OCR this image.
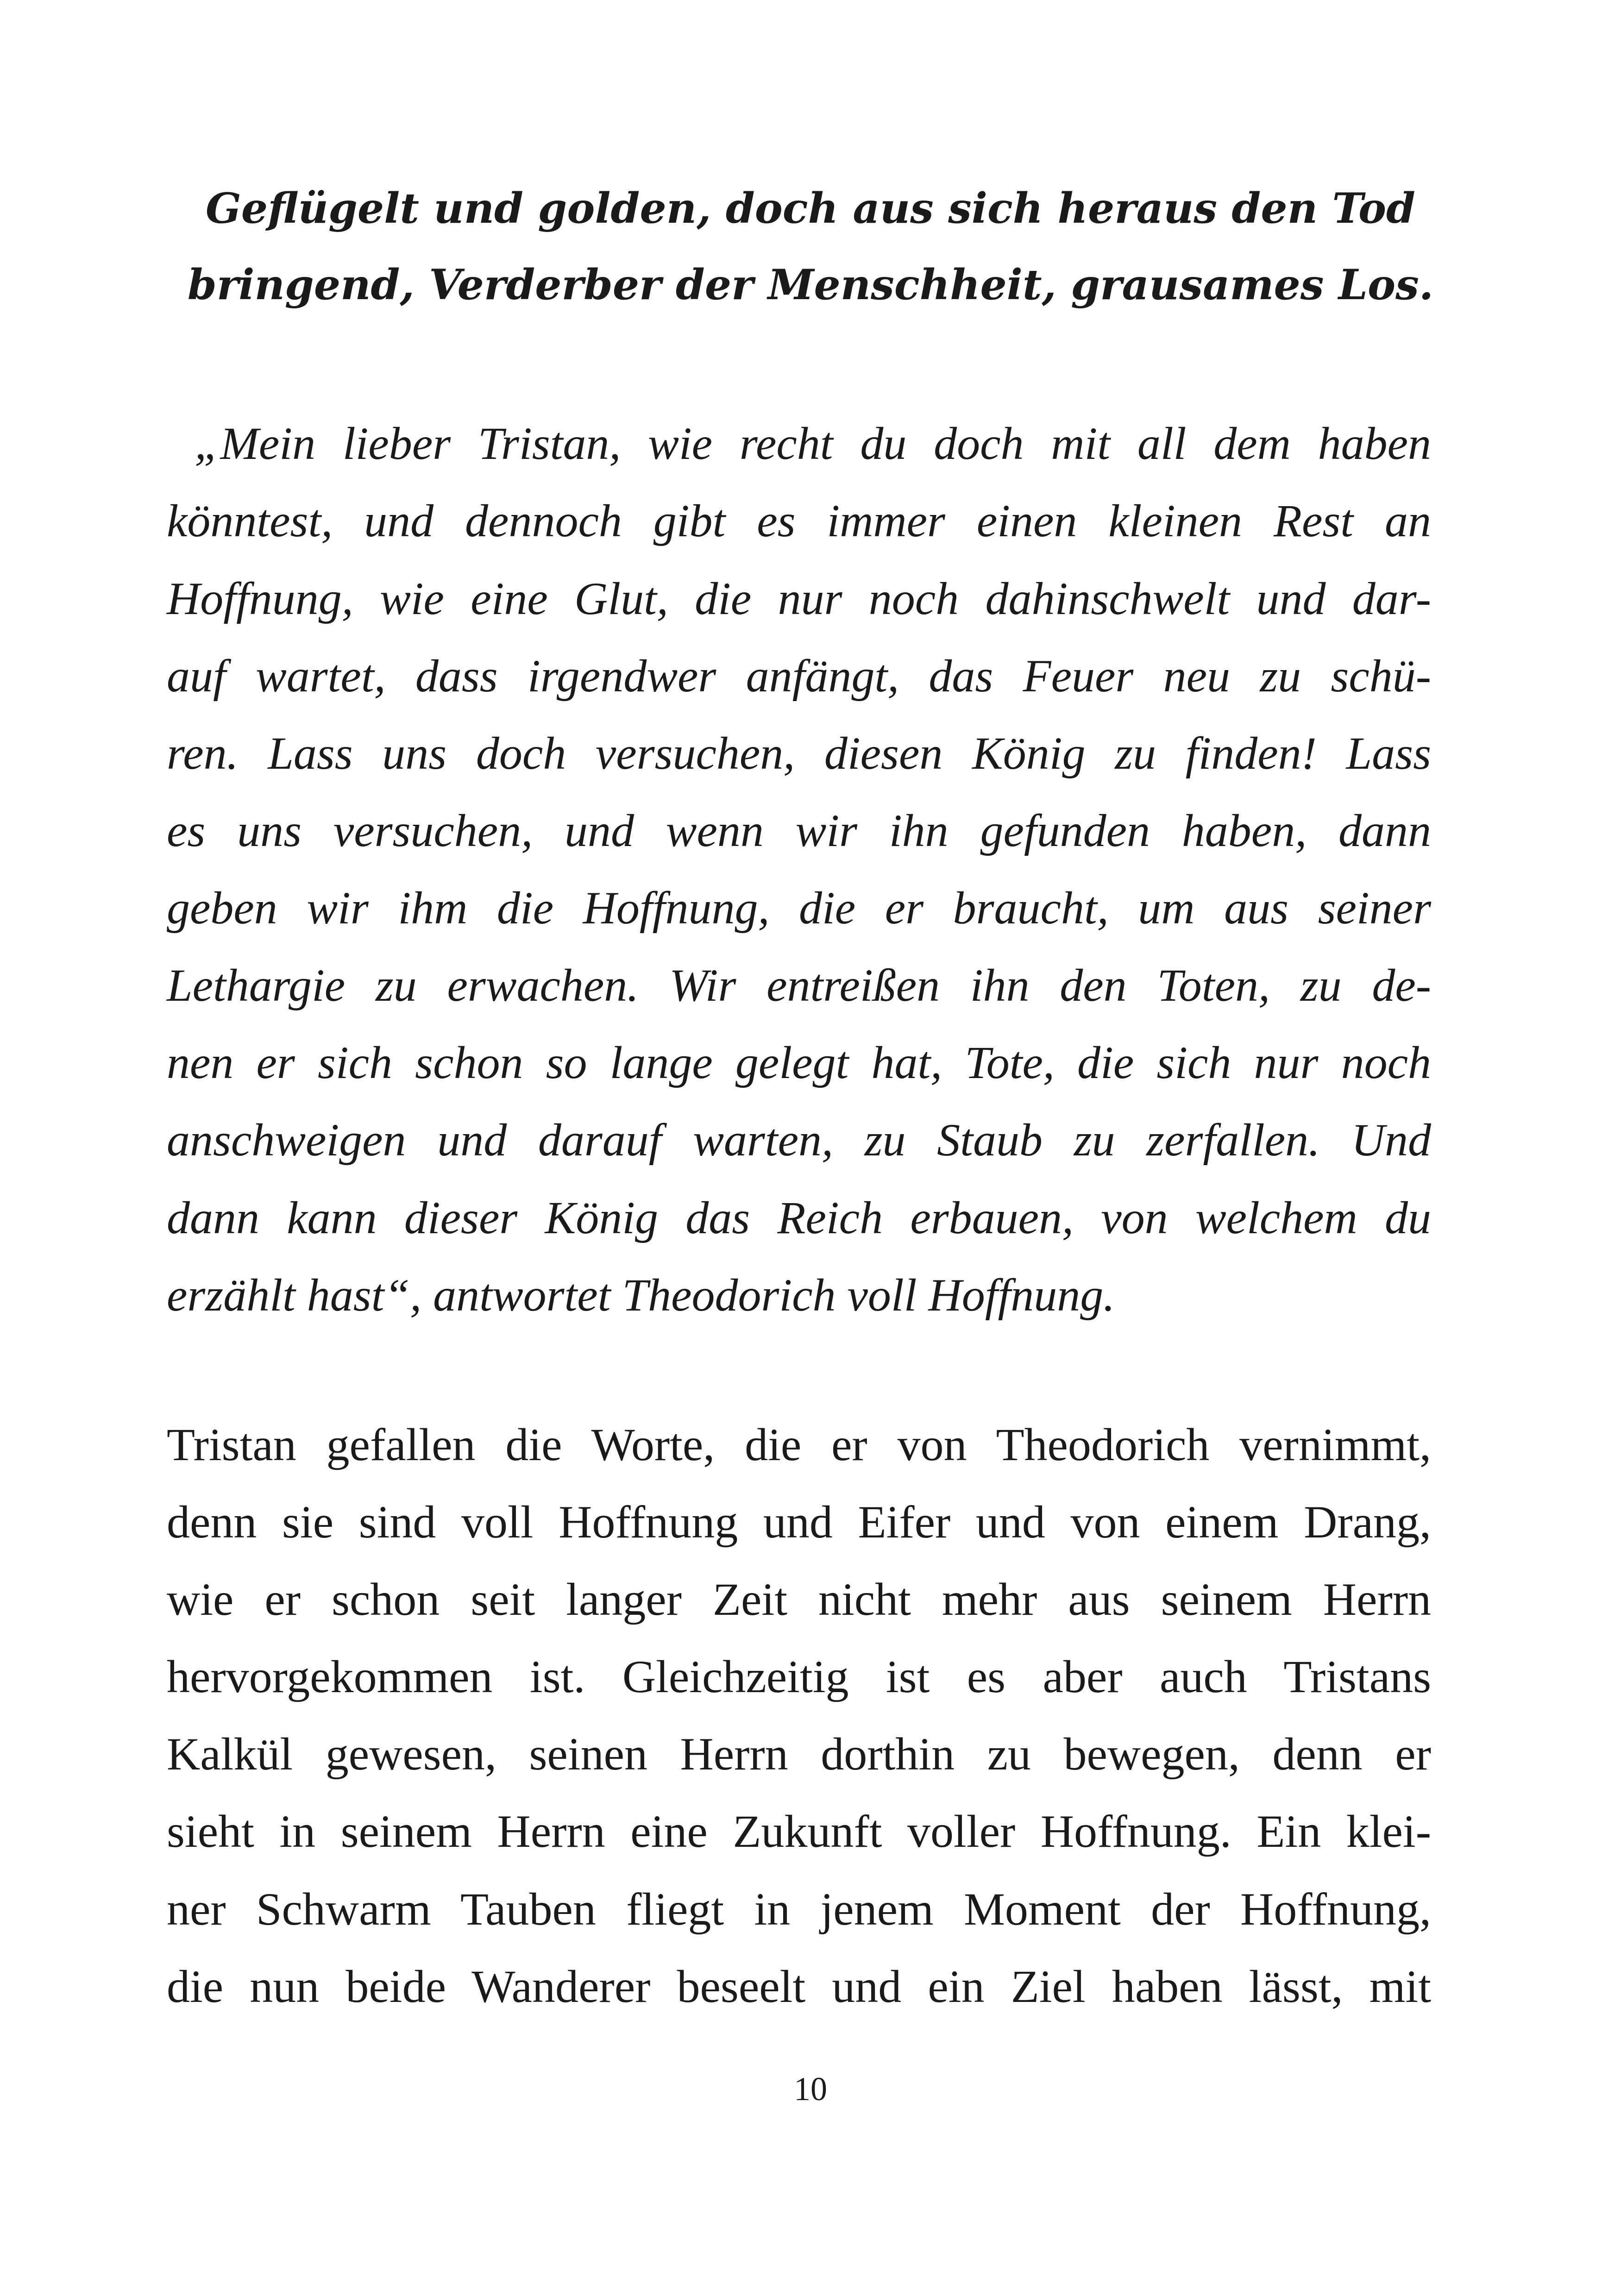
Geflügelt und golden, doch aus sich heraus den Tod
bringend, Verderber der Menschheit, grausames Los.
„Mein lieber Tristan, wie recht du doch mit all dem haben
könntest, und dennoch gibt es immer einen kleinen Rest an
Hoffnung, wie eine Glut, die nur noch dahinschwelt und dar-
auf wartet, dass irgendwer anfängt, das Feuer neu zu schü-
ren. Lass uns doch versuchen, diesen König zu finden! Lass
es uns versuchen, und wenn wir ihn gefunden haben, dann
geben wir ihm die Hoffnung, die er braucht, um aus seiner
Lethargie zu erwachen. Wir entreißen ihn den Toten, zu de-
nen er sich schon so lange gelegt hat, Tote, die sich nur noch
anschweigen und darauf warten, zu Staub zu zerfallen. Und
dann kann dieser König das Reich erbauen, von welchem du
erzählt hast“, antwortet Theodorich voll Hoffnung.
Tristan gefallen die Worte, die er von Theodorich vernimmt,
denn sie sind voll Hoffnung und Eifer und von einem Drang,
wie er schon seit langer Zeit nicht mehr aus seinem Herrn
hervorgekommen ist. Gleichzeitig ist es aber auch Tristans
Kalkül gewesen, seinen Herrn dorthin zu bewegen, denn er
sieht in seinem Herrn eine Zukunft voller Hoffnung. Ein klei-
ner Schwarm Tauben fliegt in jenem Moment der Hoffnung,
die nun beide Wanderer beseelt und ein Ziel haben lässt, mit
10
